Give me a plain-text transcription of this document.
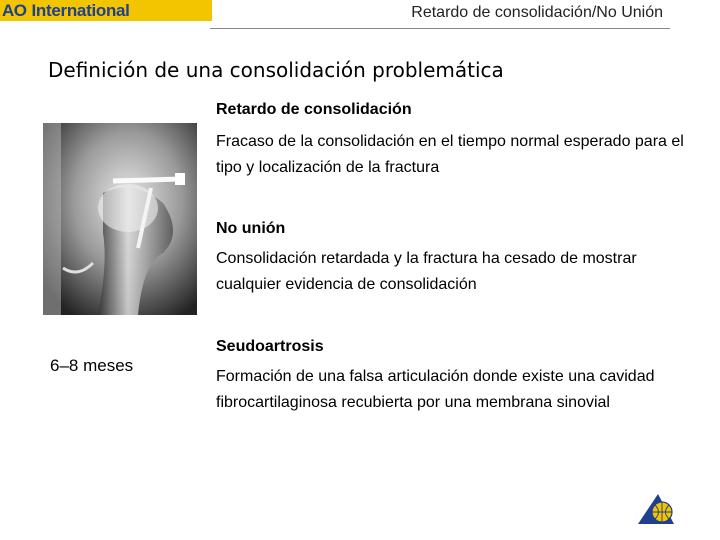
AO International	Retardo de consolidación/No Unión
Definición de una consolidación problemática
6–8 meses
Retardo de consolidación
Fracaso de la consolidación en el tiempo normal esperado para el tipo y localización de la fractura
No unión
Consolidación retardada y la fractura ha cesado de mostrar cualquier evidencia de consolidación
Seudoartrosis
Formación de una falsa articulación donde existe una cavidad fibrocartilaginosa recubierta por una membrana sinovial
